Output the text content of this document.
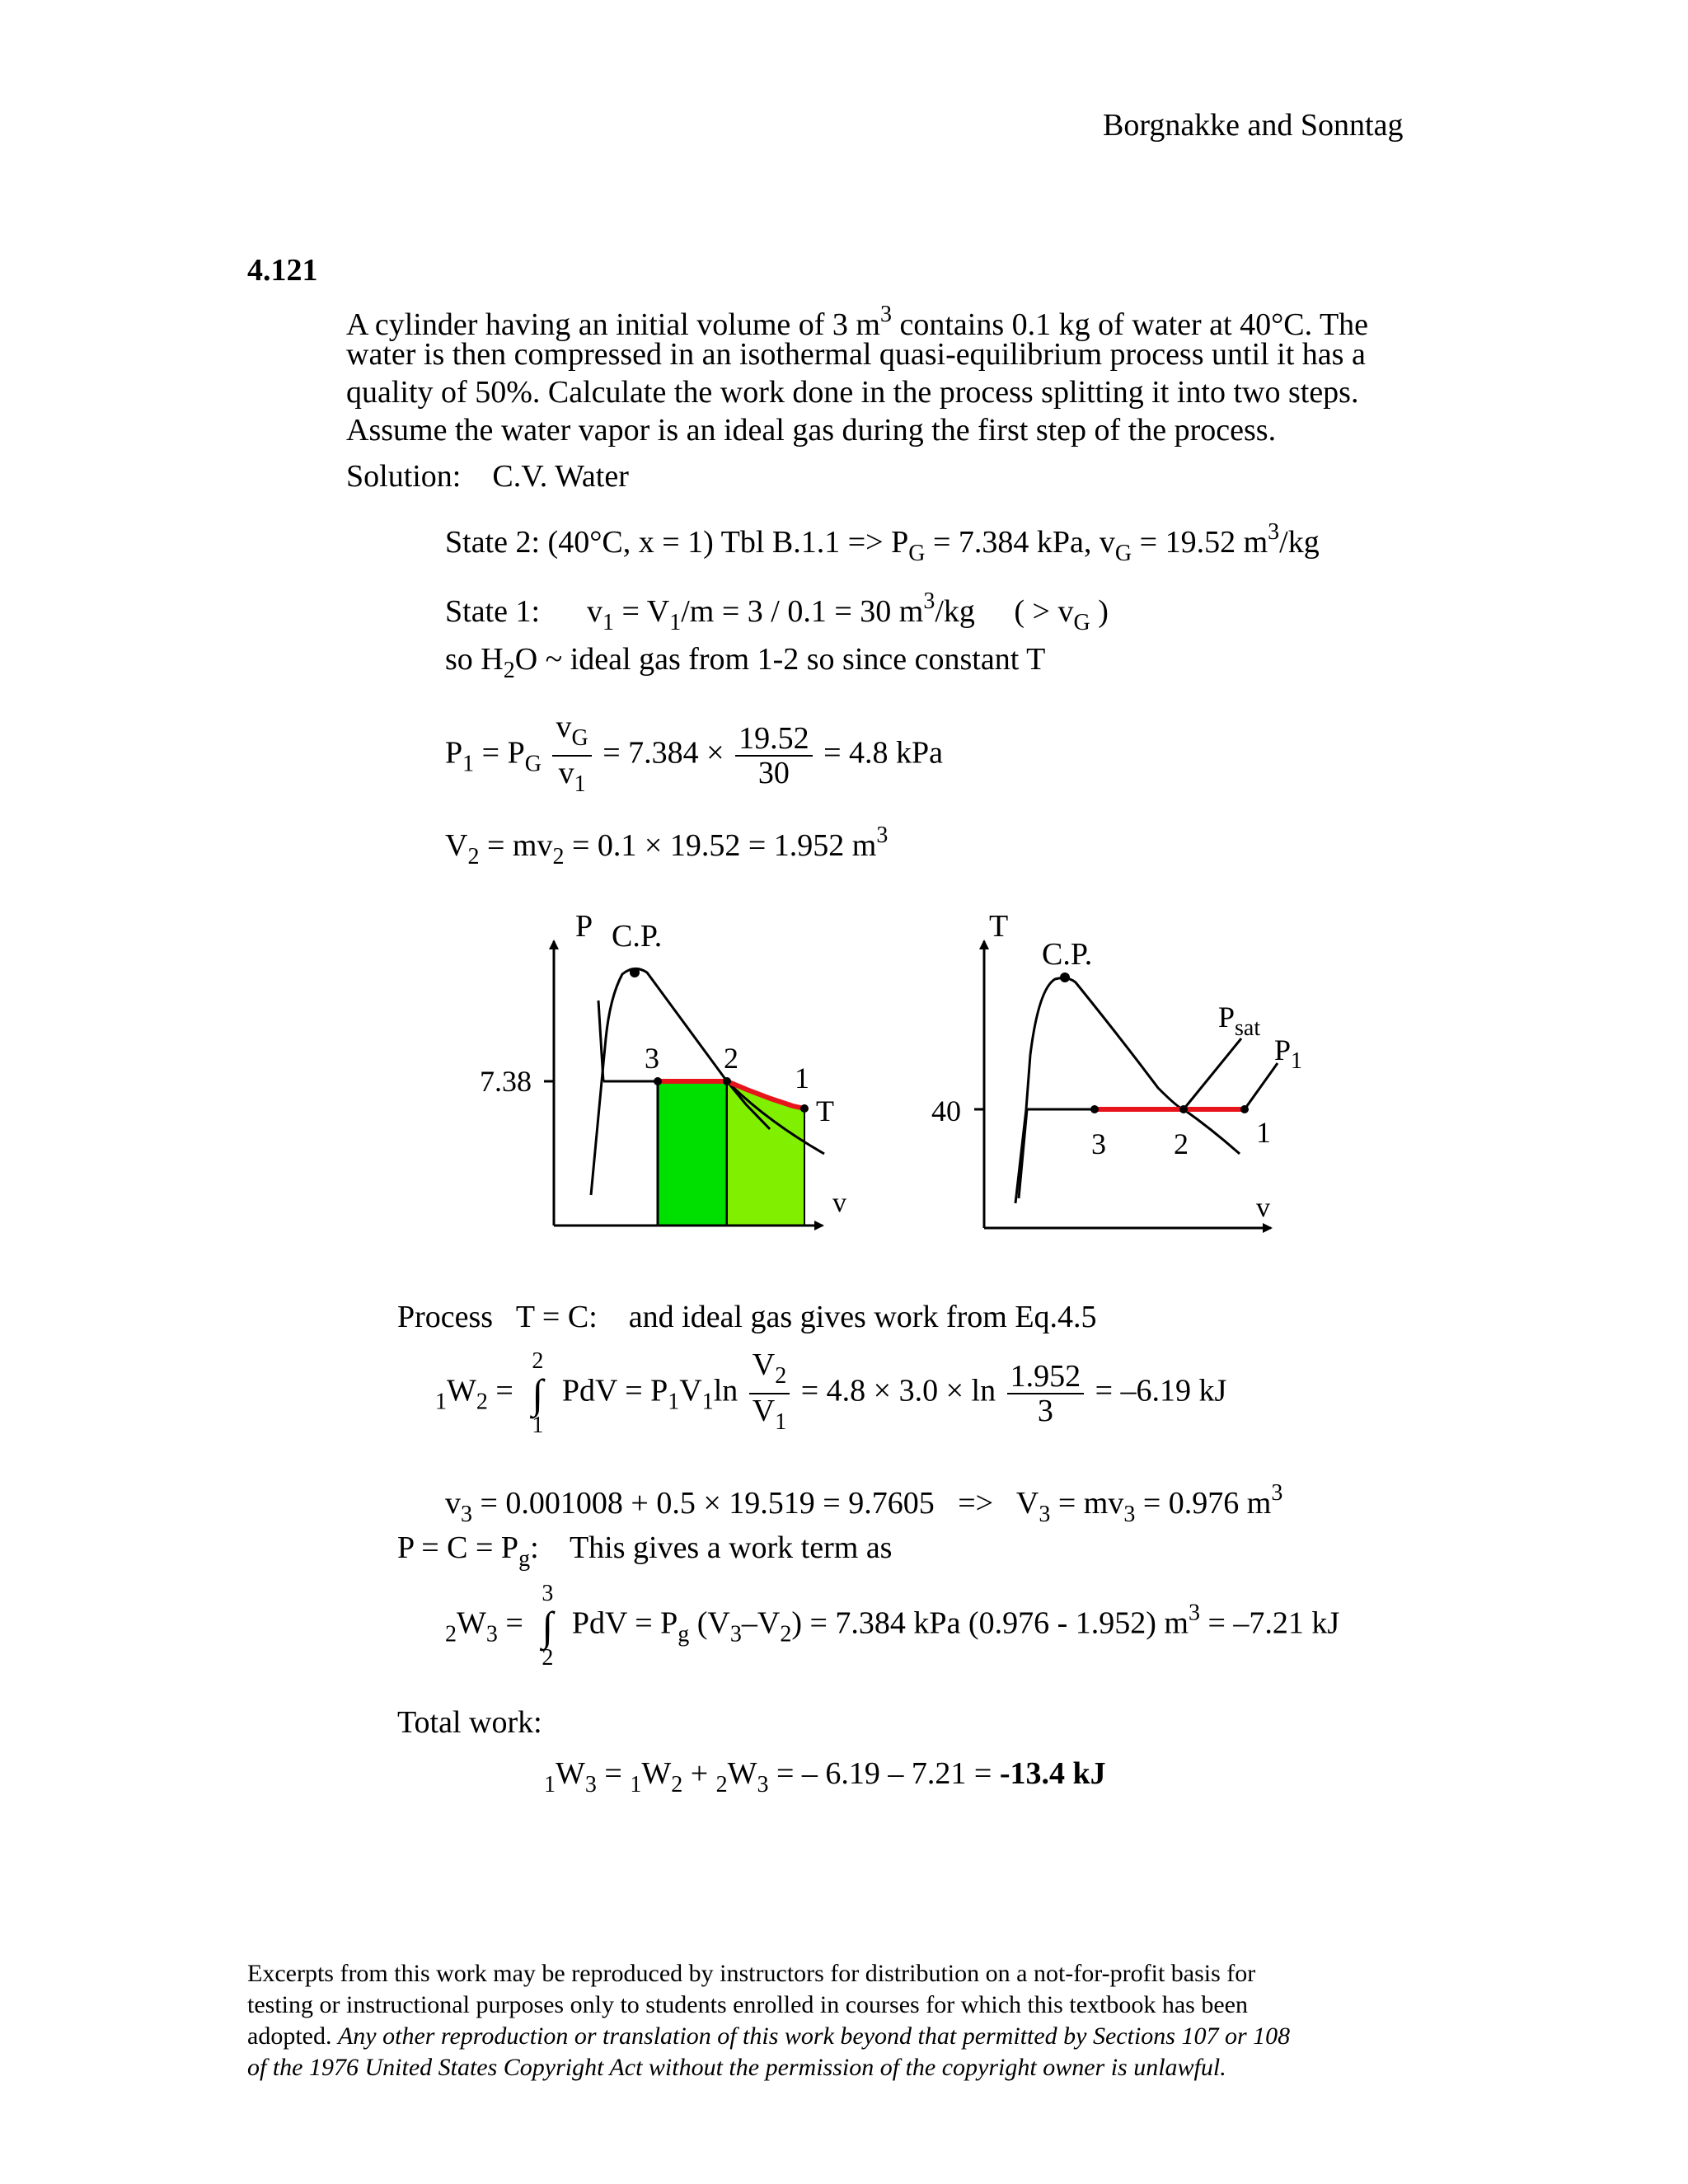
Borgnakke and Sonntag
4.121
A cylinder having an initial volume of 3 $m^3$ contains 0.1 kg of water at 40°C. The
water is then compressed in an isothermal quasi-equilibrium process until it has a
quality of 50%. Calculate the work done in the process splitting it into two steps.
Assume the water vapor is an ideal gas during the first step of the process.
Solution: C.V. Water
State 2: (40°C, x = 1) Tbl $B.1.1 => P_G = 7.384$ kPa, $v_G = 19.52$ $m^3/kg$
State 1: $v_1 = V_1/m = 3 / 0.1 = 30$ $m^3/kg$ ( > $v_G$ )
so $H_2O$ ~ ideal gas from 1-2 so since constant T
$P_1 = P_G \frac{v_G}{v_1} = 7.384 \times \frac{19.52}{30} = 4.8$ kPa
$V_2 = mv_2 = 0.1 \times 19.52 = 1.952$ $m^3$
P
v
C.P.
7.38
3 2
1
T
T
v
C.P.
40
3 2 1
$P_{sat}$
$P_1$
Process   T = C:    and ideal gas gives work from Eq.4.5
$_1W_2$ =
2
∫
1
PdV = $P_1V_1\ln \frac{V_2}{V_1} = 4.8 \times 3.0 \times \ln \frac{1.952}{3} = -6.19$ kJ
$v_3 = 0.001008 + 0.5 \times 19.519 = 9.7605 => V_3 = mv_3 = 0.976$ $m^3$
$P = C = P_g$:    This gives a work term as
$_2W_3$ =
3
∫
2
PdV = $P_g$ $(V_3-V_2) = 7.384$ kPa (0.976 - 1.952) $m^3 = -7.21$ kJ
Total work:
$_1W_3 = _1W_2 + _2W_3$ = – 6.19 – 7.21 = -13.4 kJ
Excerpts from this work may be reproduced by instructors for distribution on a not-for-profit basis for
testing or instructional purposes only to students enrolled in courses for which this textbook has been
adopted. Any other reproduction or translation of this work beyond that permitted by Sections 107 or 108
of the 1976 United States Copyright Act without the permission of the copyright owner is unlawful.
